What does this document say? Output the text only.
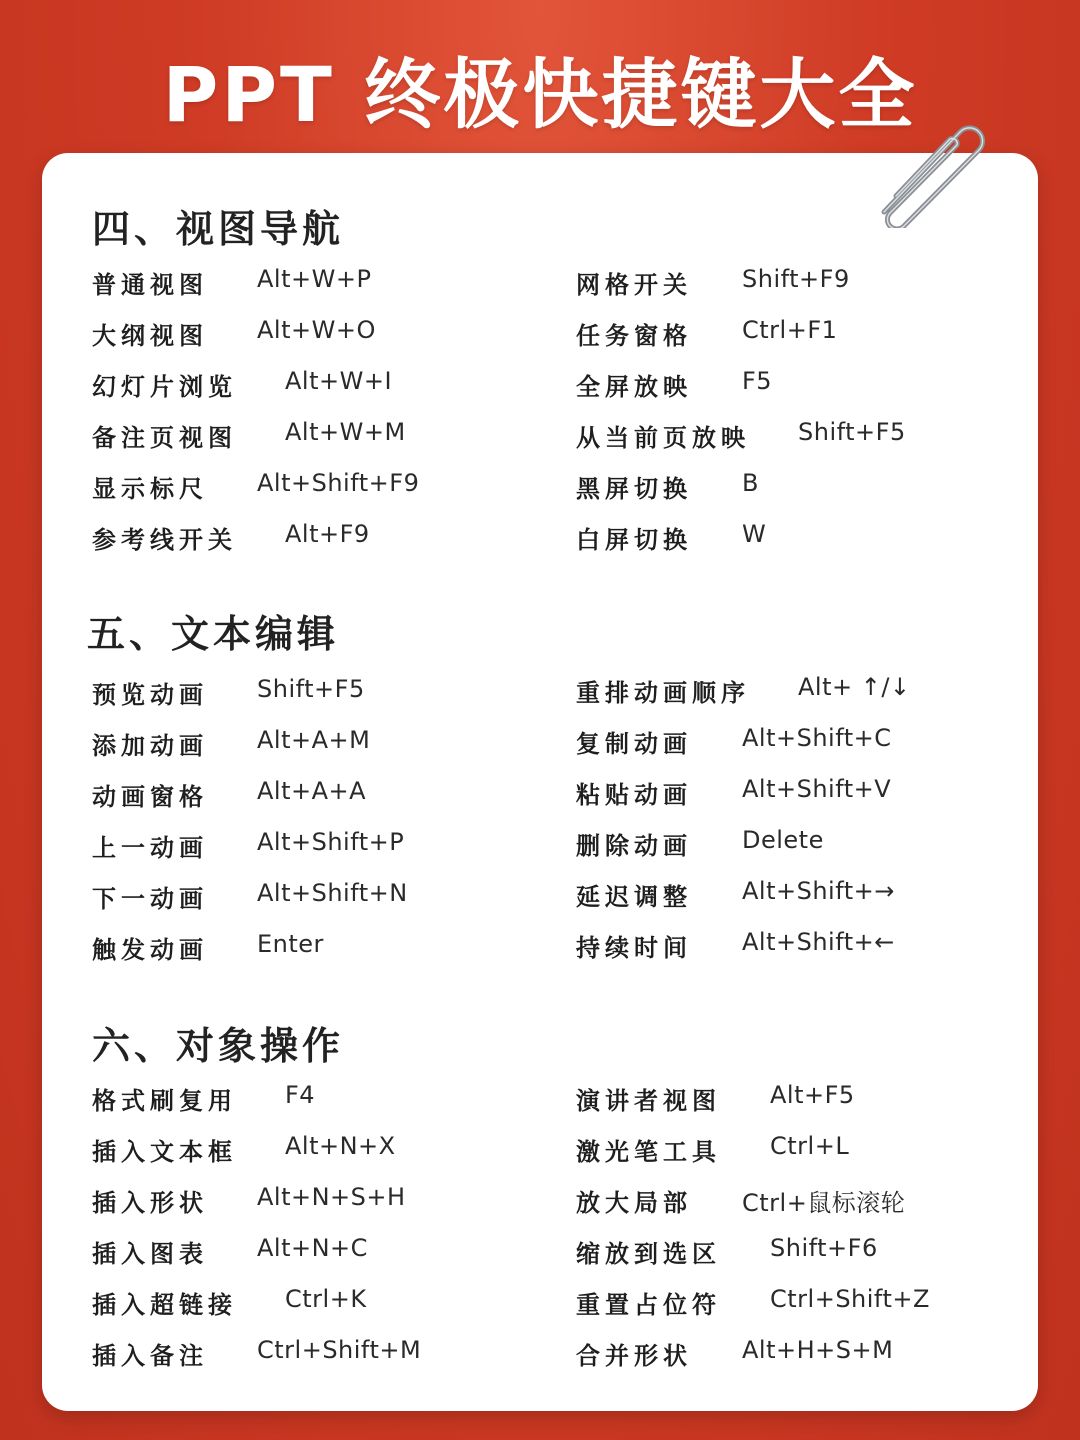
PPT 终极快捷键大全
四、视图导航
普通视图 Alt+W+P
大纲视图 Alt+W+O
幻灯片浏览 Alt+W+I
备注页视图 Alt+W+M
显示标尺 Alt+Shift+F9
参考线开关 Alt+F9
网格开关 Shift+F9
任务窗格 Ctrl+F1
全屏放映 F5
从当前页放映 Shift+F5
黑屏切换 B
白屏切换 W
五、文本编辑
预览动画 Shift+F5
添加动画 Alt+A+M
动画窗格 Alt+A+A
上一动画 Alt+Shift+P
下一动画 Alt+Shift+N
触发动画 Enter
重排动画顺序 Alt+ ↑/↓
复制动画 Alt+Shift+C
粘贴动画 Alt+Shift+V
删除动画 Delete
延迟调整 Alt+Shift+→
持续时间 Alt+Shift+←
六、对象操作
格式刷复用 F4
插入文本框 Alt+N+X
插入形状 Alt+N+S+H
插入图表 Alt+N+C
插入超链接 Ctrl+K
插入备注 Ctrl+Shift+M
演讲者视图 Alt+F5
激光笔工具 Ctrl+L
放大局部 Ctrl+鼠标滚轮
缩放到选区 Shift+F6
重置占位符 Ctrl+Shift+Z
合并形状 Alt+H+S+M
